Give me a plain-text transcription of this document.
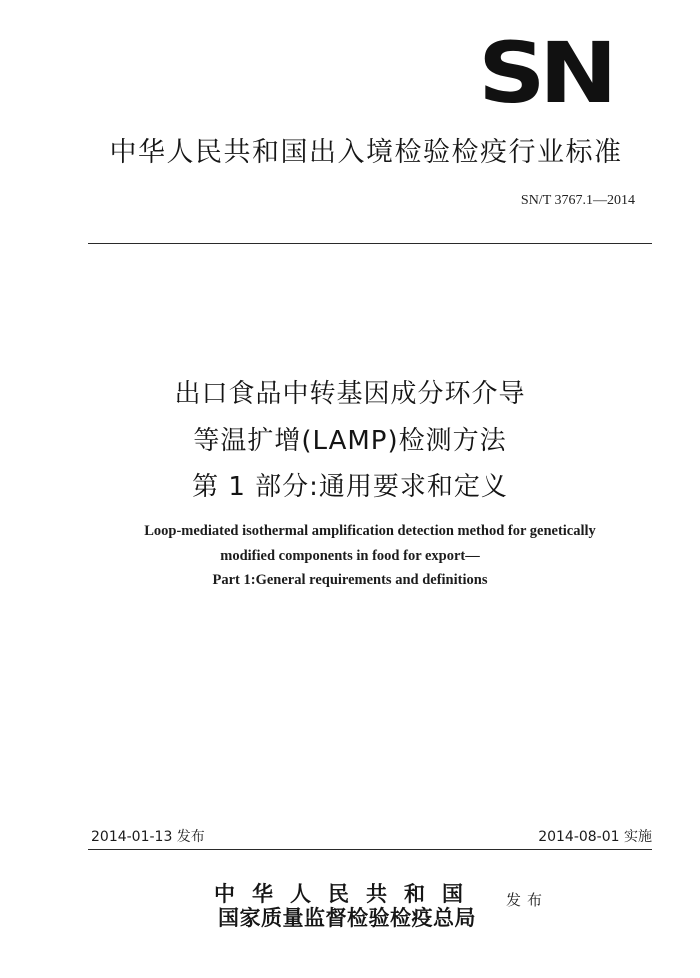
SN
中华人民共和国出入境检验检疫行业标准
SN/T 3767.1—2014
出口食品中转基因成分环介导
等温扩增(LAMP)检测方法
第 1 部分:通用要求和定义
Loop-mediated isothermal amplification detection method for genetically
modified components in food for export—
Part 1:General requirements and definitions
2014-01-13 发布	2014-08-01 实施
中华人民共和国
国家质量监督检验检疫总局
发布
